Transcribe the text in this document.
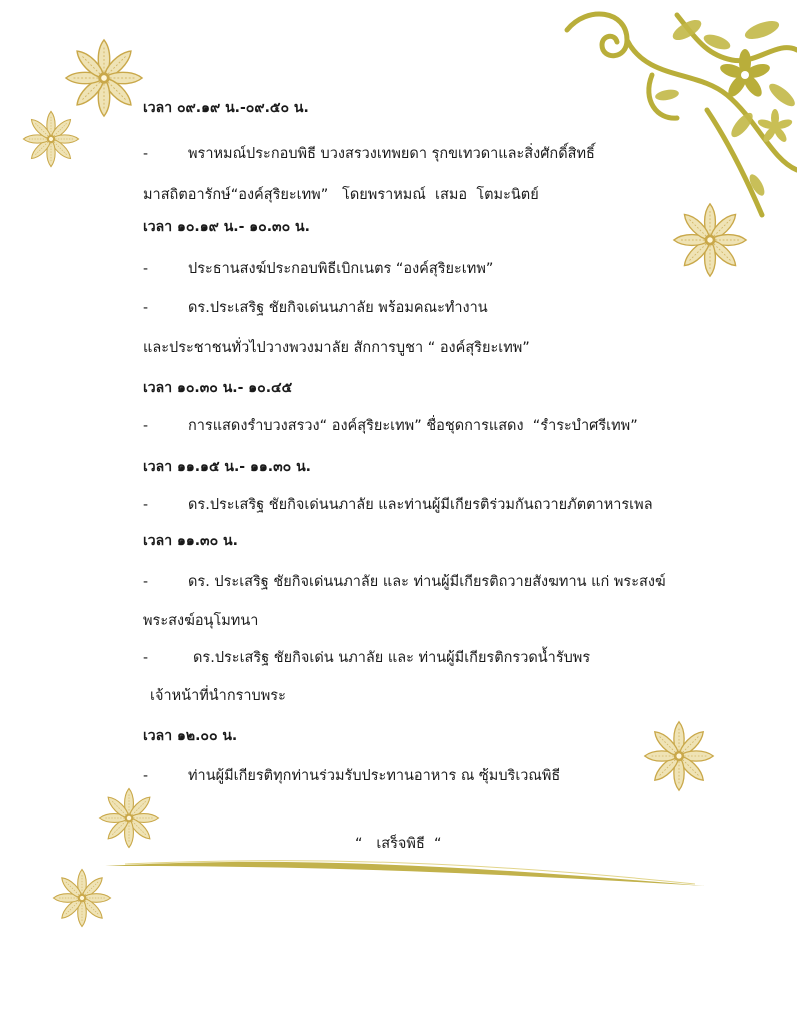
เวลา ๐๙.๑๙ น.-๐๙.๕๐ น.
-	พราหมณ์ประกอบพิธี บวงสรวงเทพยดา รุกขเทวดาและสิ่งศักดิ์สิทธิ์
มาสถิตอารักษ์“องค์สุริยะเทพ”   โดยพราหมณ์  เสมอ  โตมะนิตย์
เวลา ๑๐.๑๙ น.- ๑๐.๓๐ น.
-	ประธานสงฆ์ประกอบพิธีเบิกเนตร “องค์สุริยะเทพ”
-	ดร.ประเสริฐ ชัยกิจเด่นนภาลัย พร้อมคณะทำงาน
และประชาชนทั่วไปวางพวงมาลัย สักการบูชา “ องค์สุริยะเทพ”
เวลา ๑๐.๓๐ น.- ๑๐.๔๕
-	การแสดงรำบวงสรวง“ องค์สุริยะเทพ” ชื่อชุดการแสดง  “รำระบำศรีเทพ”
เวลา ๑๑.๑๕ น.- ๑๑.๓๐ น.
-	ดร.ประเสริฐ ชัยกิจเด่นนภาลัย และท่านผู้มีเกียรติร่วมกันถวายภัตตาหารเพล
เวลา ๑๑.๓๐ น.
-	ดร. ประเสริฐ ชัยกิจเด่นนภาลัย และ ท่านผู้มีเกียรติถวายสังฆทาน แก่ พระสงฆ์
พระสงฆ์อนุโมทนา
-	ดร.ประเสริฐ ชัยกิจเด่น นภาลัย และ ท่านผู้มีเกียรติกรวดน้ำรับพร
เจ้าหน้าที่นำกราบพระ
เวลา ๑๒.๐๐ น.
-	ท่านผู้มีเกียรติทุกท่านร่วมรับประทานอาหาร ณ ซุ้มบริเวณพิธี
“   เสร็จพิธี  “
